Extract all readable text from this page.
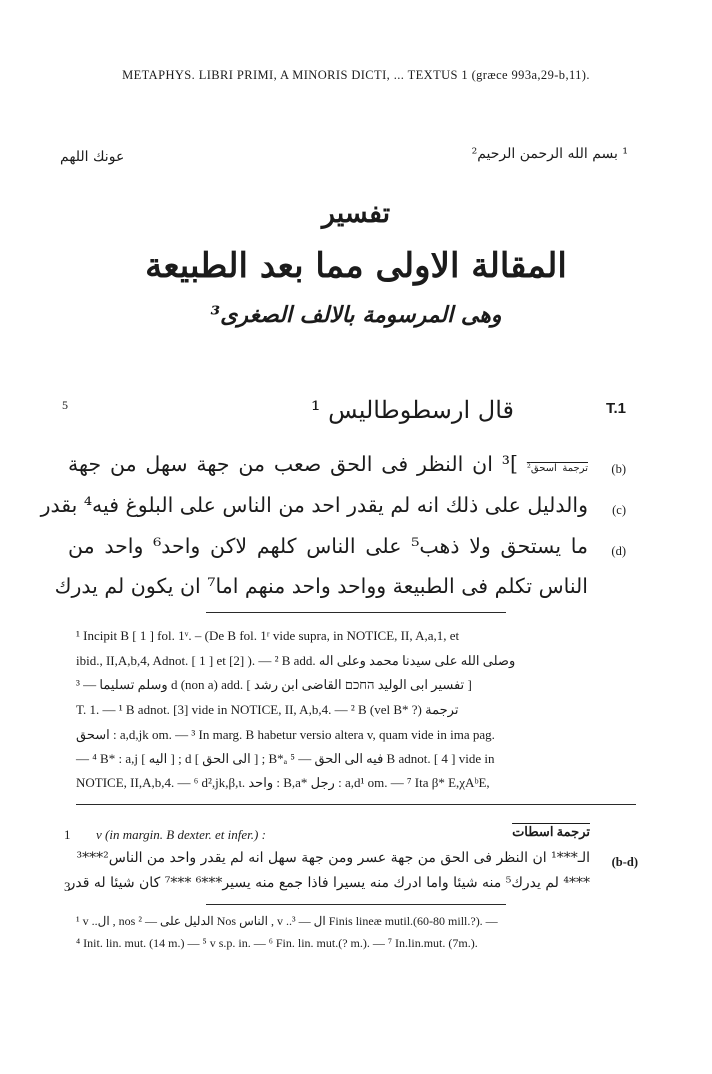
METAPHYS. LIBRI PRIMI, A MINORIS DICTI, ... TEXTUS 1 (græce 993a,29-b,11).
¹ بسم الله الرحمن الرحيم²
عونك اللهم
تفسير
المقالة الاولى مما بعد الطبيعة
وهى المرسومة بالالف الصغرى³
5	قال ارسطوطاليس ¹	T.1
(b)
ترجمة اسحق² ]³ ان النظر فى الحق صعب من جهة سهل من جهة
(c)
والدليل على ذلك انه لم يقدر احد من الناس على البلوغ فيه⁴ بقدر
(d)
ما يستحق ولا ذهب⁵ على الناس كلهم لاكن واحد⁶ واحد من
الناس تكلم فى الطبيعة وواحد واحد منهم اما⁷ ان يكون لم يدرك
¹ Incipit B [ 1 ] fol. 1ᵛ. – (De B fol. 1ʳ vide supra, in NOTICE, II, A,a,1, et
ibid., II,A,b,4, Adnot. [ 1 ] et [2] ). — ² B add. وصلى الله على سيدنا محمد وعلى اله
وسلم تسليما — ³ d (non a) add. [ تفسير ابى الوليد החכם القاضى ابن رشد ]
T. 1. — ¹ B adnot. [3] vide in NOTICE, II, A,b,4. — ² B (vel B* ?) ترجمة
اسحق : a,d,jk om. — ³ In marg. B habetur versio altera v, quam vide in ima pag.
— ⁴ B* : a,j [ اليه ] ; d [ الى الحق ] ; B*ₐ فيه الى الحق — ⁵ B adnot. [ 4 ] vide in
NOTICE, II,A,b,4. — ⁶ d²,jk,β,ι. واحد : B,a* رجل : a,d¹ om. — ⁷ Ita β* E,χAᵇE,
1 v (in margin. B dexter. et infer.) :	ترجمة اسطات
الـ***¹ ان النظر فى الحق من جهة عسر ومن جهة سهل انه لم يقدر واحد من الناس²***³ (b-d)
***⁴ لم يدرك⁵ منه شيئا واما ادرك منه يسيرا فاذا جمع منه يسير***⁶ ***⁷ كان شيئا له قدر
3
¹ v ..ال , nos الدليل على — ² Nos الناس , v ..ال — ³ Finis lineæ mutil.(60-80 mill.?). —
⁴ Init. lin. mut. (14 m.) — ⁵ v s.p. in. — ⁶ Fin. lin. mut.(? m.). — ⁷ In.lin.mut. (7m.).
